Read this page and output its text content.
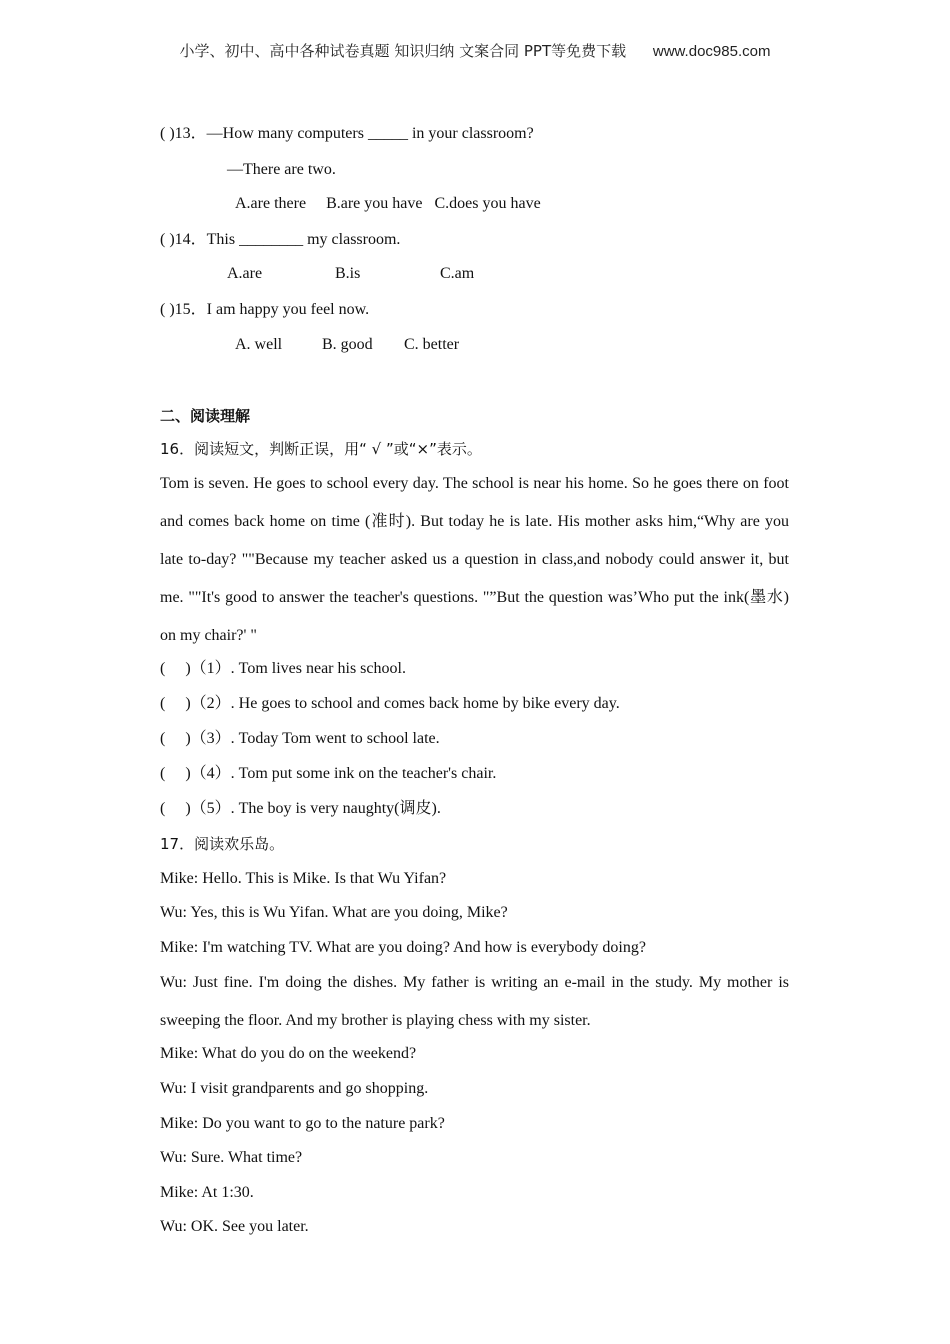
小学、初中、高中各种试卷真题 知识归纳 文案合同 PPT等免费下载 www.doc985.com
( )13．—How many computers _____ in your classroom?
—There are two.
A.are there     B.are you have   C.does you have
( )14．This ________ my classroom.
A.are	B.is	C.am
( )15．I am happy you feel now.
A. well B. good C. better
二、阅读理解
16．阅读短文，判断正误，用“ √ ”或“×”表示。
Tom is seven. He goes to school every day. The school is near his home. So he goes there on foot and comes back home on time (准时). But today he is late. His mother asks him,“Why are you late to-day? ""Because my teacher asked us a question in class,and nobody could answer it, but me. ""It's good to answer the teacher's questions. "”But the question was’Who put the ink(墨水) on my chair?' "
(     )（1）. Tom lives near his school.
(     )（2）. He goes to school and comes back home by bike every day.
(     )（3）. Today Tom went to school late.
(     )（4）. Tom put some ink on the teacher's chair.
(     )（5）. The boy is very naughty(调皮).
17．阅读欢乐岛。
Mike: Hello. This is Mike. Is that Wu Yifan?
Wu: Yes, this is Wu Yifan. What are you doing, Mike?
Mike: I'm watching TV. What are you doing? And how is everybody doing?
Wu: Just fine. I'm doing the dishes. My father is writing an e-mail in the study. My mother is sweeping the floor. And my brother is playing chess with my sister.
Mike: What do you do on the weekend?
Wu: I visit grandparents and go shopping.
Mike: Do you want to go to the nature park?
Wu: Sure. What time?
Mike: At 1:30.
Wu: OK. See you later.
